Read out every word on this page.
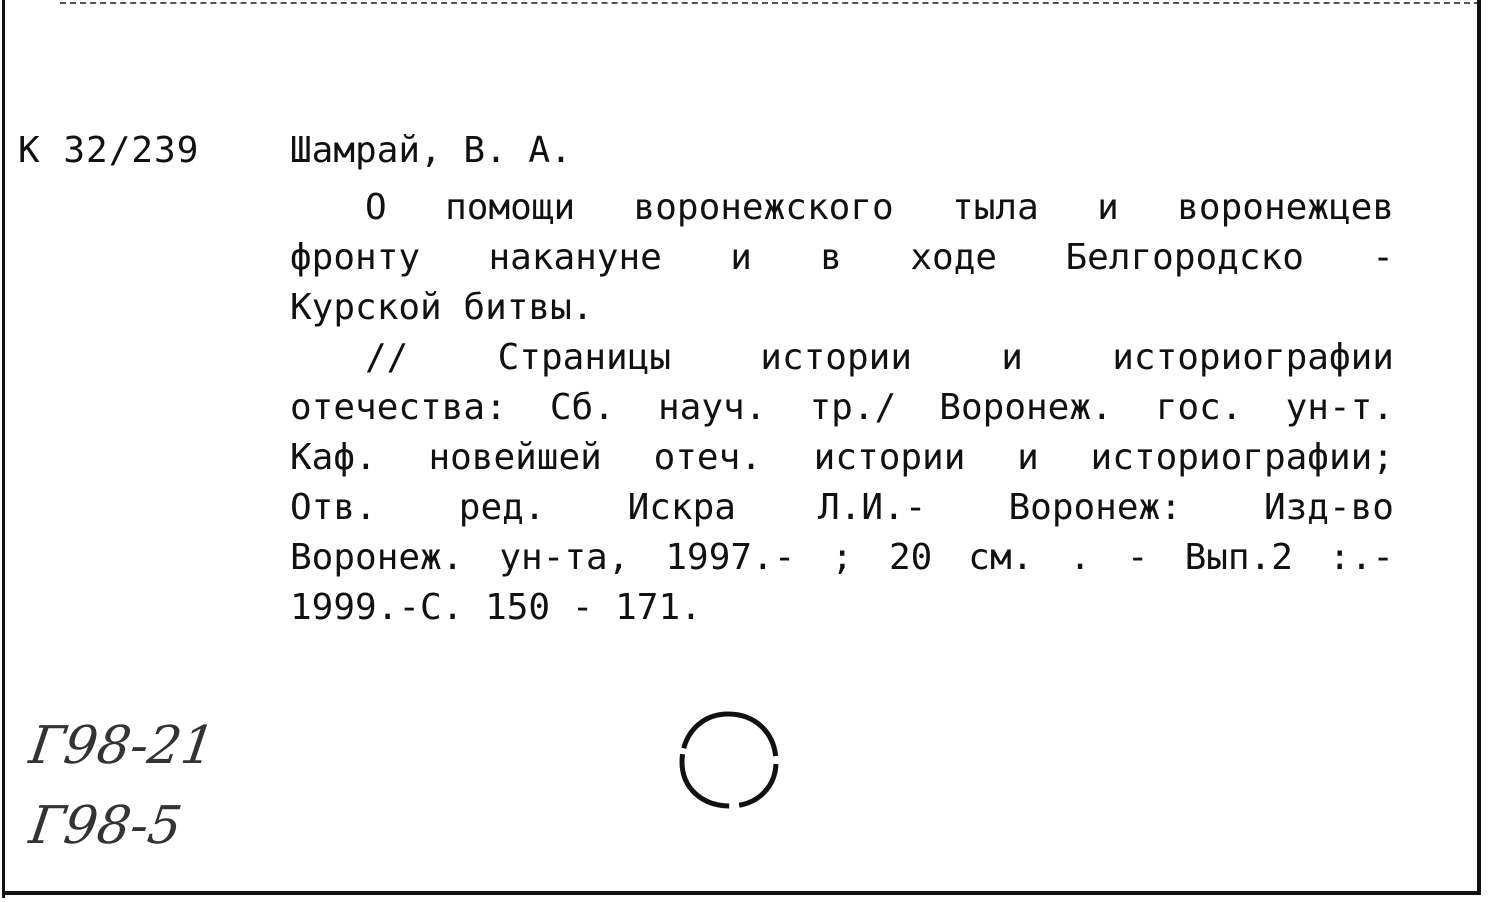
К 32/239	Шамрай, В. А.
О помощи воронежского тыла и воронежцев
фронту накануне и в ходе Белгородско -
Курской битвы.
// Страницы истории и историографии
отечества: Сб. науч. тр./ Воронеж. гос. ун-т.
Каф. новейшей отеч. истории и историографии;
Отв. ред. Искра Л.И.- Воронеж: Изд-во
Воронеж. ун-та, 1997.- ; 20 см. . - Вып.2 :.-
1999.-С. 150 - 171.
Г98-21
Г98-5
